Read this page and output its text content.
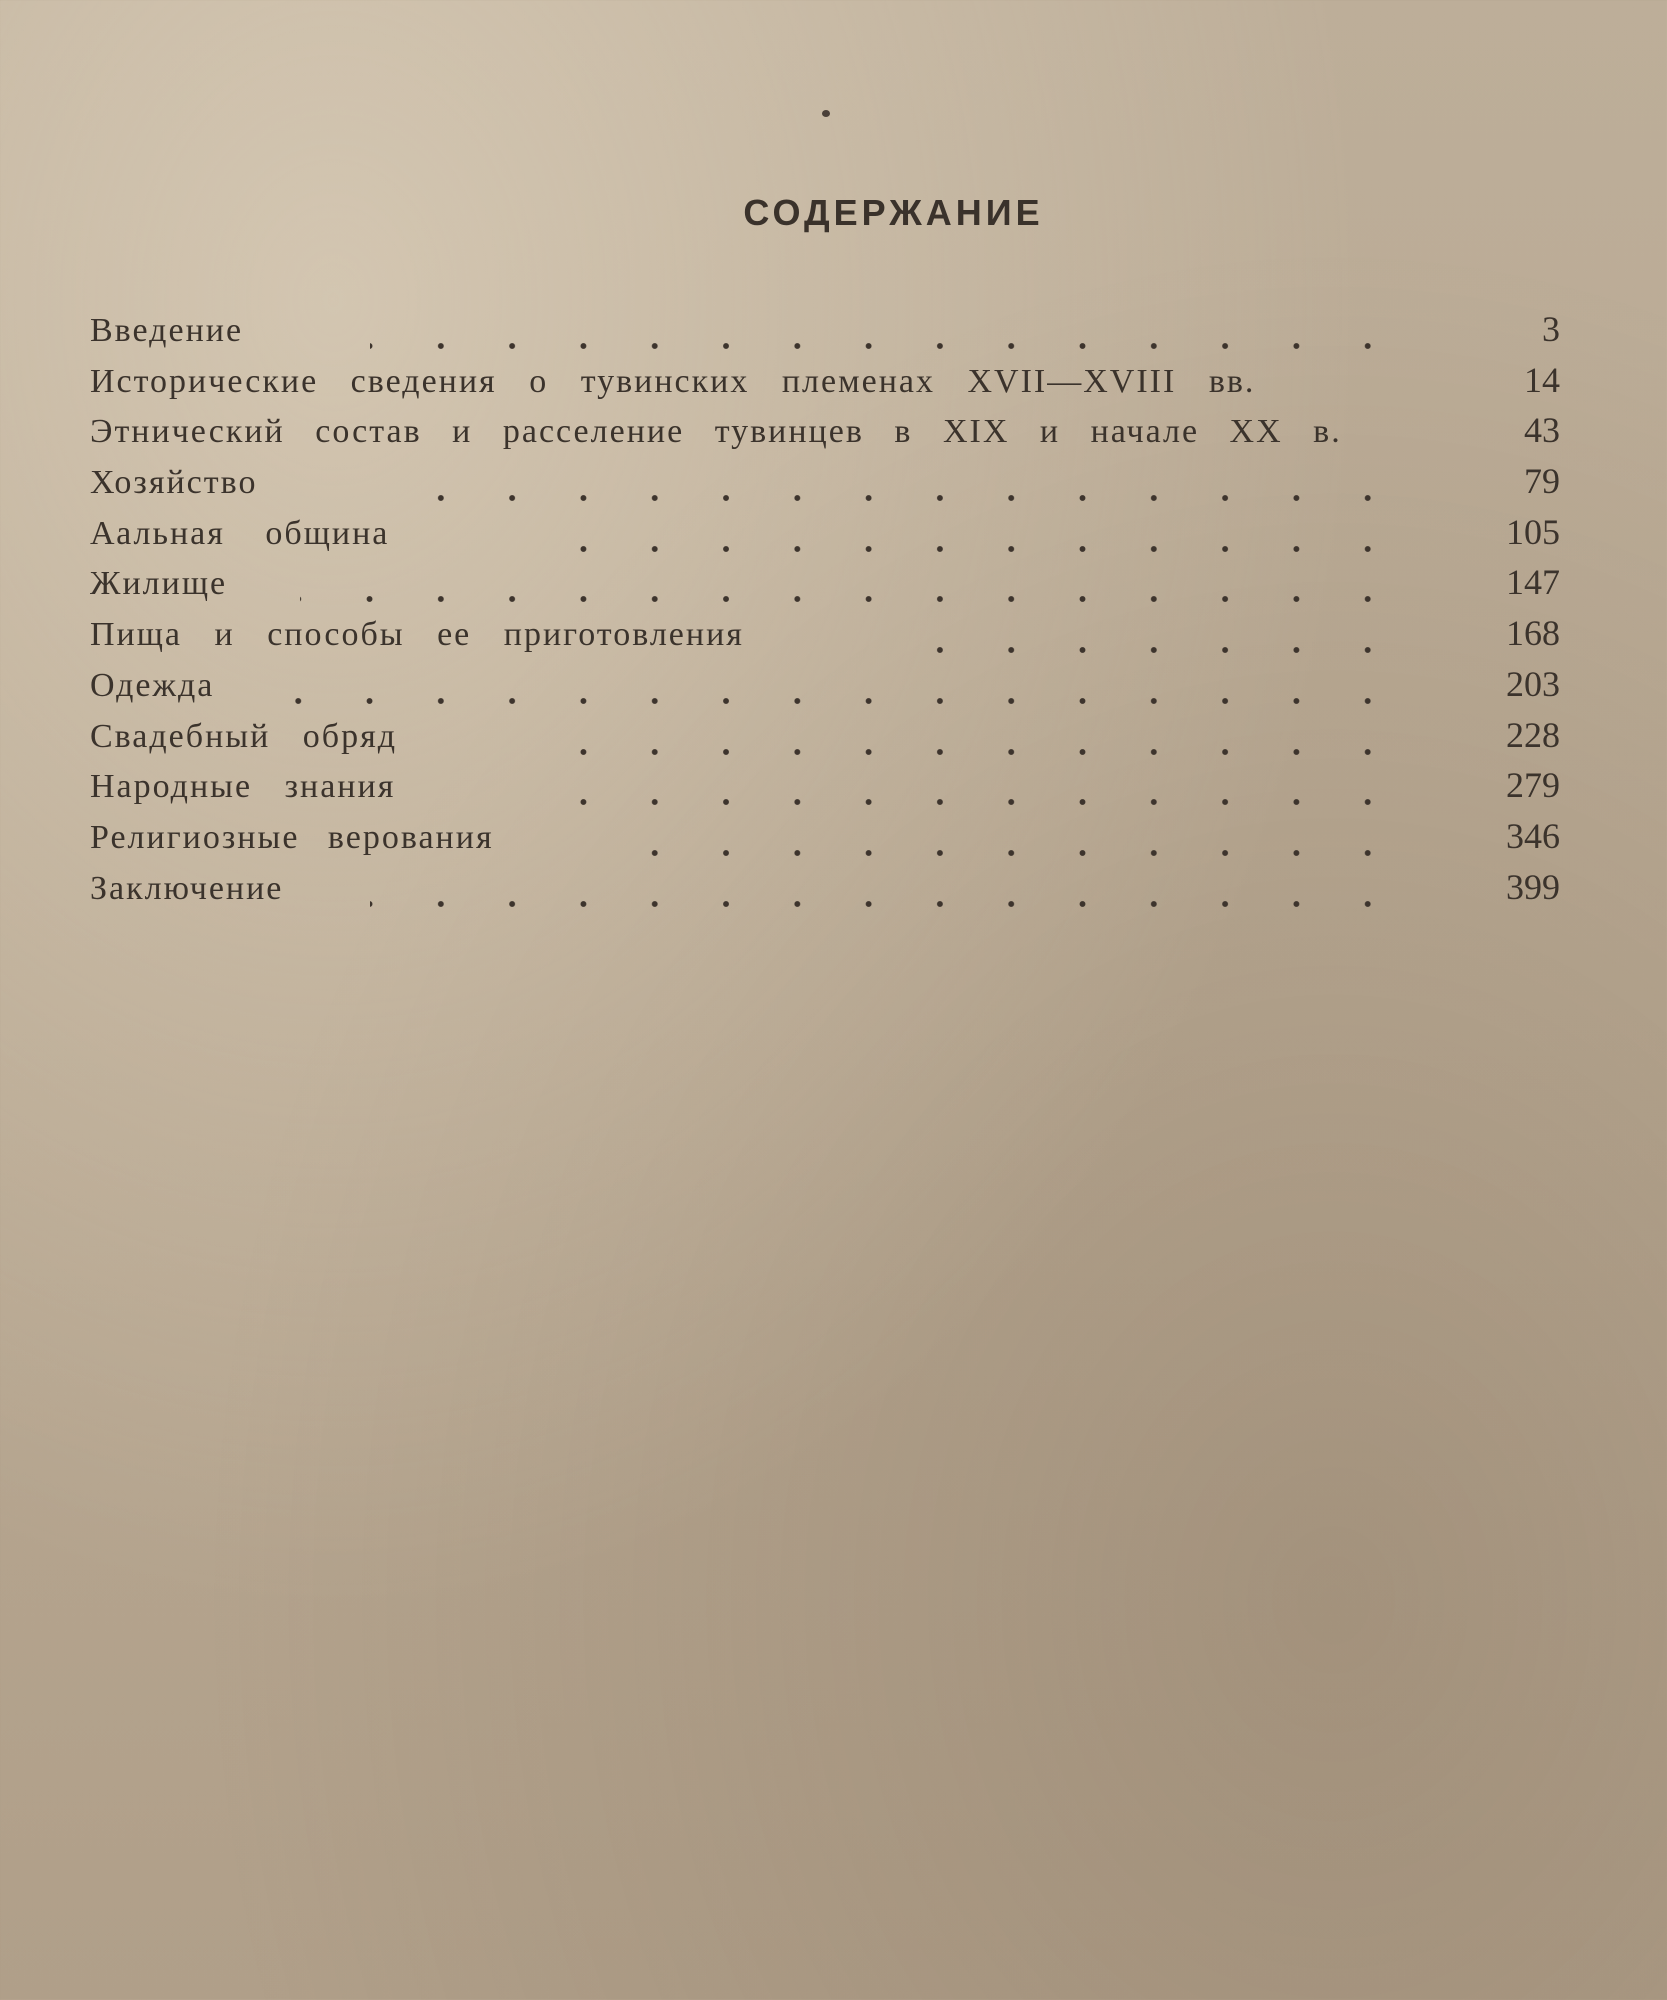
СОДЕРЖАНИЕ
Введение	3
Исторические сведения о тувинских племенах XVII—XVIII вв.	14
Этнический состав и расселение тувинцев в XIX и начале XX в.	43
Хозяйство	79
Аальная община	105
Жилище	147
Пища и способы ее приготовления	168
Одежда	203
Свадебный обряд	228
Народные знания	279
Религиозные верования	346
Заключение	399
